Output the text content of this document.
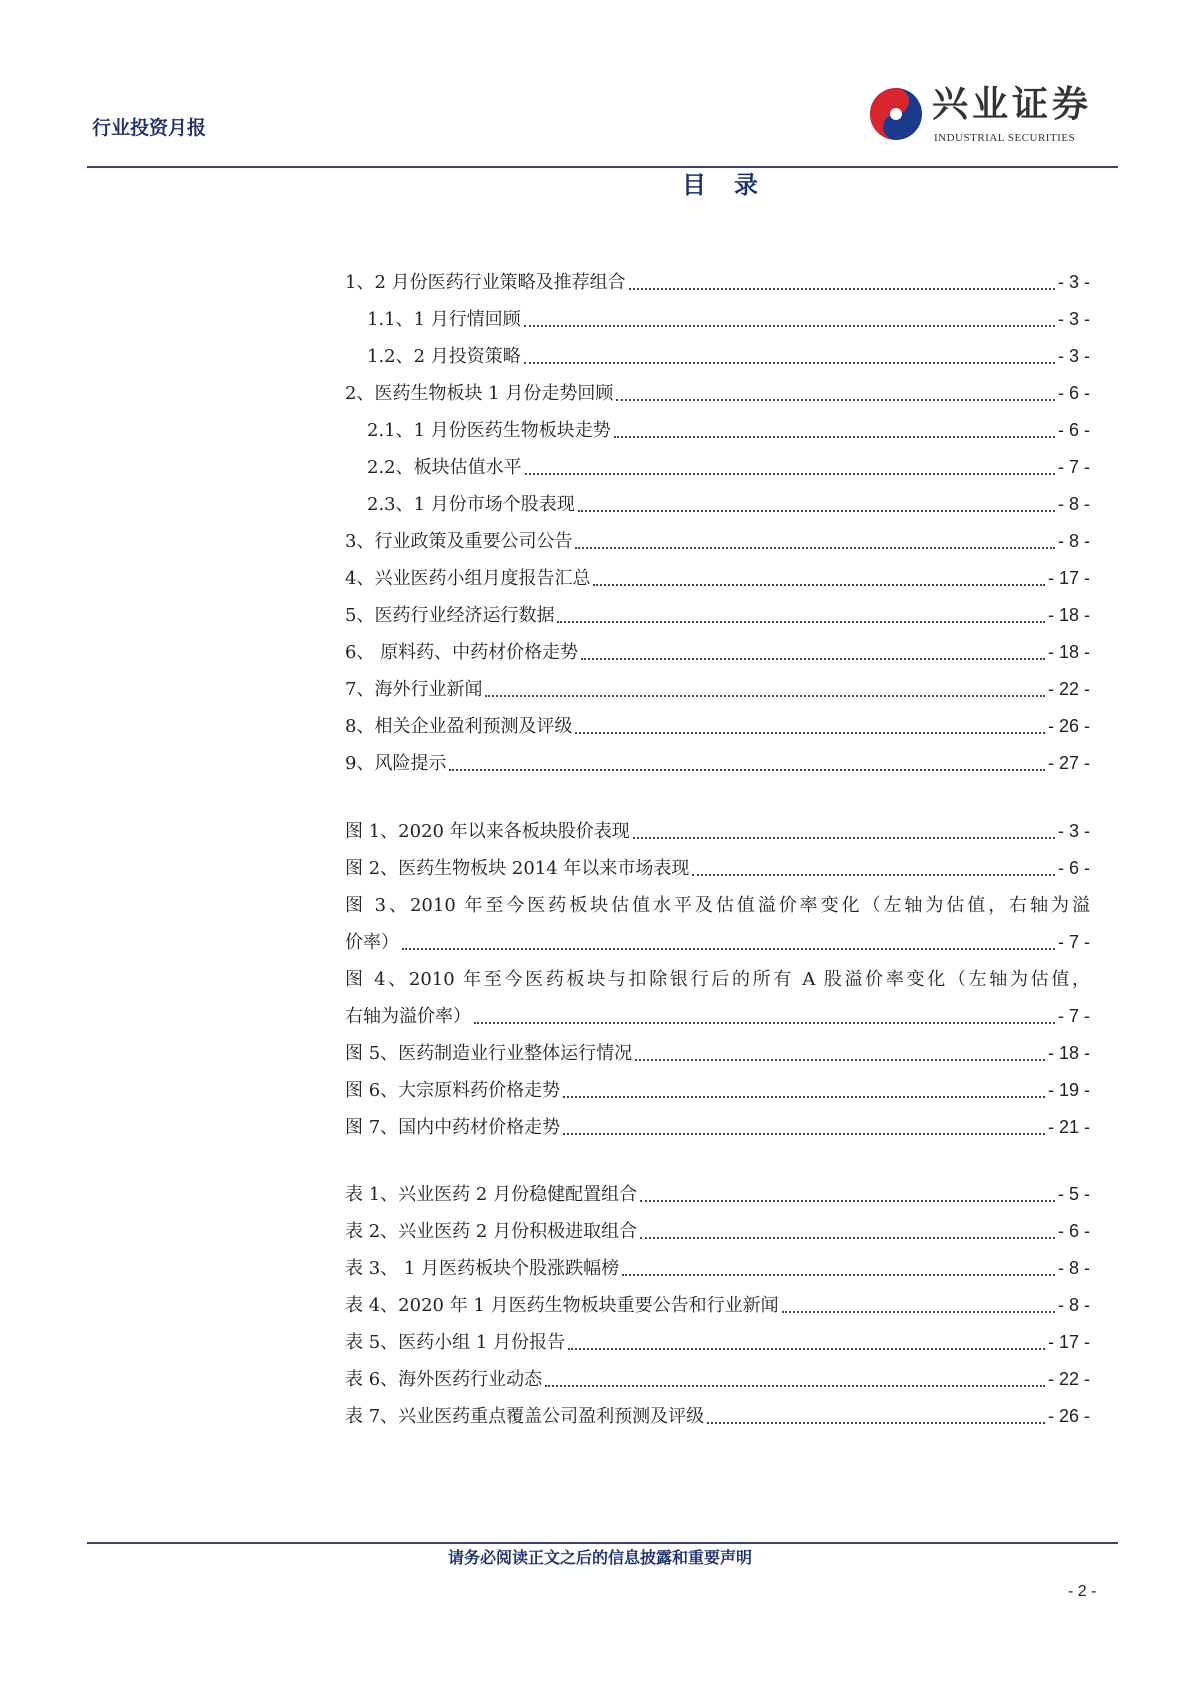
行业投资月报
兴业证券
INDUSTRIAL SECURITIES
目录
1、2 月份医药行业策略及推荐组合	- 3 -
1.1、1 月行情回顾	- 3 -
1.2、2 月投资策略	- 3 -
2、医药生物板块 1 月份走势回顾	- 6 -
2.1、1 月份医药生物板块走势	- 6 -
2.2、板块估值水平	- 7 -
2.3、1 月份市场个股表现	- 8 -
3、行业政策及重要公司公告	- 8 -
4、兴业医药小组月度报告汇总	- 17 -
5、医药行业经济运行数据	- 18 -
6、 原料药、中药材价格走势	- 18 -
7、海外行业新闻	- 22 -
8、相关企业盈利预测及评级	- 26 -
9、风险提示	- 27 -
图 1、2020 年以来各板块股价表现	- 3 -
图 2、医药生物板块 2014 年以来市场表现	- 6 -
图 3、2010 年至今医药板块估值水平及估值溢价率变化（左轴为估值，右轴为溢
价率）	- 7 -
图 4、2010 年至今医药板块与扣除银行后的所有 A 股溢价率变化（左轴为估值，
右轴为溢价率）	- 7 -
图 5、医药制造业行业整体运行情况	- 18 -
图 6、大宗原料药价格走势	- 19 -
图 7、国内中药材价格走势	- 21 -
表 1、兴业医药 2 月份稳健配置组合	- 5 -
表 2、兴业医药 2 月份积极进取组合	- 6 -
表 3、 1 月医药板块个股涨跌幅榜	- 8 -
表 4、2020 年 1 月医药生物板块重要公告和行业新闻	- 8 -
表 5、医药小组 1 月份报告	- 17 -
表 6、海外医药行业动态	- 22 -
表 7、兴业医药重点覆盖公司盈利预测及评级	- 26 -
请务必阅读正文之后的信息披露和重要声明
- 2 -
